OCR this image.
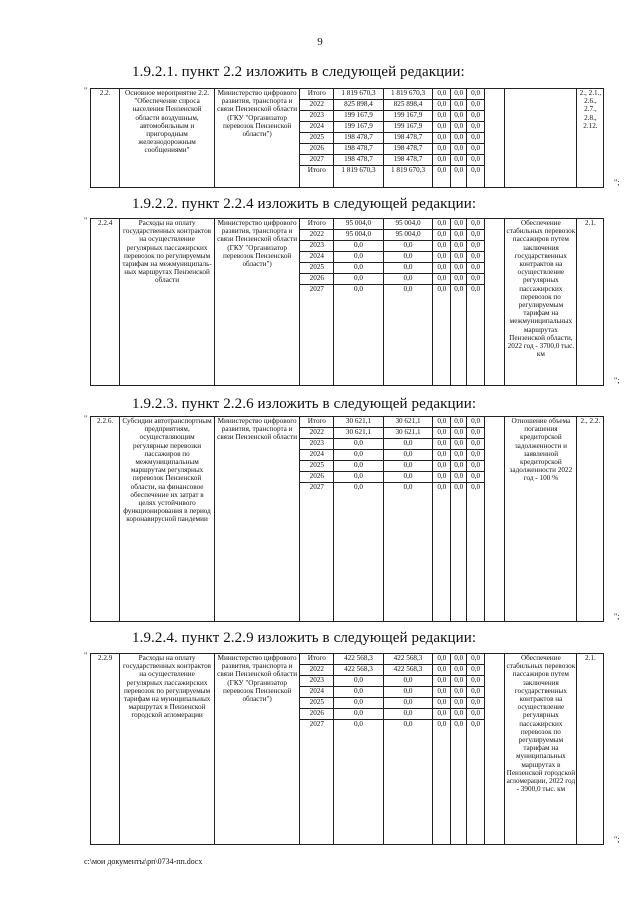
9
1.9.2.1. пункт 2.2 изложить в следующей редакции:
"
";
2.2.	Основное мероприятие 2.2. "Обеспечение спроса населения Пензенской области воздушным, автомобильным и пригородным железнодорожным сообщениями"	Министерство цифрового развития, транспорта и связи Пензенской области (ГКУ "Организатор перевозок Пензенской области")	Итого	1 819 670,3	1 819 670,3	0,0	0,0	0,0			2., 2.1., 2.6., 2.7., 2.8., 2.12.	
			2022	825 898,4	825 898,4	0,0	0,0	0,0				
			2023	199 167,9	199 167,9	0,0	0,0	0,0				
			2024	199 167,9	199 167,9	0,0	0,0	0,0				
			2025	198 478,7	198 478,7	0,0	0,0	0,0				
			2026	198 478,7	198 478,7	0,0	0,0	0,0				
			2027	198 478,7	198 478,7	0,0	0,0	0,0				
			Итого	1 819 670,3	1 819 670,3	0,0	0,0	0,0				
1.9.2.2. пункт 2.2.4 изложить в следующей редакции:
"
";
2.2.4	Расходы на оплату государственных контрактов на осуществление регулярных пассажирских перевозок по регулируемым тарифам на межмуниципаль-ных маршрутах Пензенской области	Министерство цифрового развития, транспорта и связи Пензенской области (ГКУ "Организатор перевозок Пензенской области")	Итого	95 004,0	95 004,0	0,0	0,0	0,0		Обеспечение стабильных перевозок пассажиров путем заключения государственных контрактов на осуществление регулярных пассажирских перевозок по регулируемым тарифам на межмуниципальных маршрутах Пензенской области, 2022 год - 3700,0 тыс. км	2.1.	
			2022	95 004,0	95 004,0	0,0	0,0	0,0				
			2023	0,0	0,0	0,0	0,0	0,0				
			2024	0,0	0,0	0,0	0,0	0,0				
			2025	0,0	0,0	0,0	0,0	0,0				
			2026	0,0	0,0	0,0	0,0	0,0				
			2027	0,0	0,0	0,0	0,0	0,0				
1.9.2.3. пункт 2.2.6 изложить в следующей редакции:
"
";
2.2.6.	Субсидии автотранспортным предприятиям, осуществляющим регулярные перевозки пассажиров по межмуниципальным маршрутам регулярных перевозок Пензенской области, на финансовое обеспечение их затрат в целях устойчивого функционирования в период коронавирусной пандемии	Министерство цифрового развития, транспорта и связи Пензенской области	Итого	30 621,1	30 621,1	0,0	0,0	0,0		Отношение объема погашения кредиторской задолженности и заявленной кредиторской задолженности 2022 год - 100 %	2., 2.2.	
			2022	30 621,1	30 621,1	0,0	0,0	0,0				
			2023	0,0	0,0	0,0	0,0	0,0				
			2024	0,0	0,0	0,0	0,0	0,0				
			2025	0,0	0,0	0,0	0,0	0,0				
			2026	0,0	0,0	0,0	0,0	0,0				
			2027	0,0	0,0	0,0	0,0	0,0				
1.9.2.4. пункт 2.2.9 изложить в следующей редакции:
"
";
2.2.9	Расходы на оплату государственных контрактов на осуществление регулярных пассажирских перевозок по регулируемым тарифам на муниципальных маршрутах в Пензенской городской агломерации	Министерство цифрового развития, транспорта и связи Пензенской области (ГКУ "Организатор перевозок Пензенской области")	Итого	422 568,3	422 568,3	0,0	0,0	0,0		Обеспечение стабильных перевозок пассажиров путем заключения государственных контрактов на осуществление регулярных пассажирских перевозок по регулируемым тарифам на муниципальных маршрутах в Пензенской городской агломерации, 2022 год - 3900,0 тыс. км	2.1.	
			2022	422 568,3	422 568,3	0,0	0,0	0,0				
			2023	0,0	0,0	0,0	0,0	0,0				
			2024	0,0	0,0	0,0	0,0	0,0				
			2025	0,0	0,0	0,0	0,0	0,0				
			2026	0,0	0,0	0,0	0,0	0,0				
			2027	0,0	0,0	0,0	0,0	0,0				
c:\мои документы\рп\0734-пп.docx
